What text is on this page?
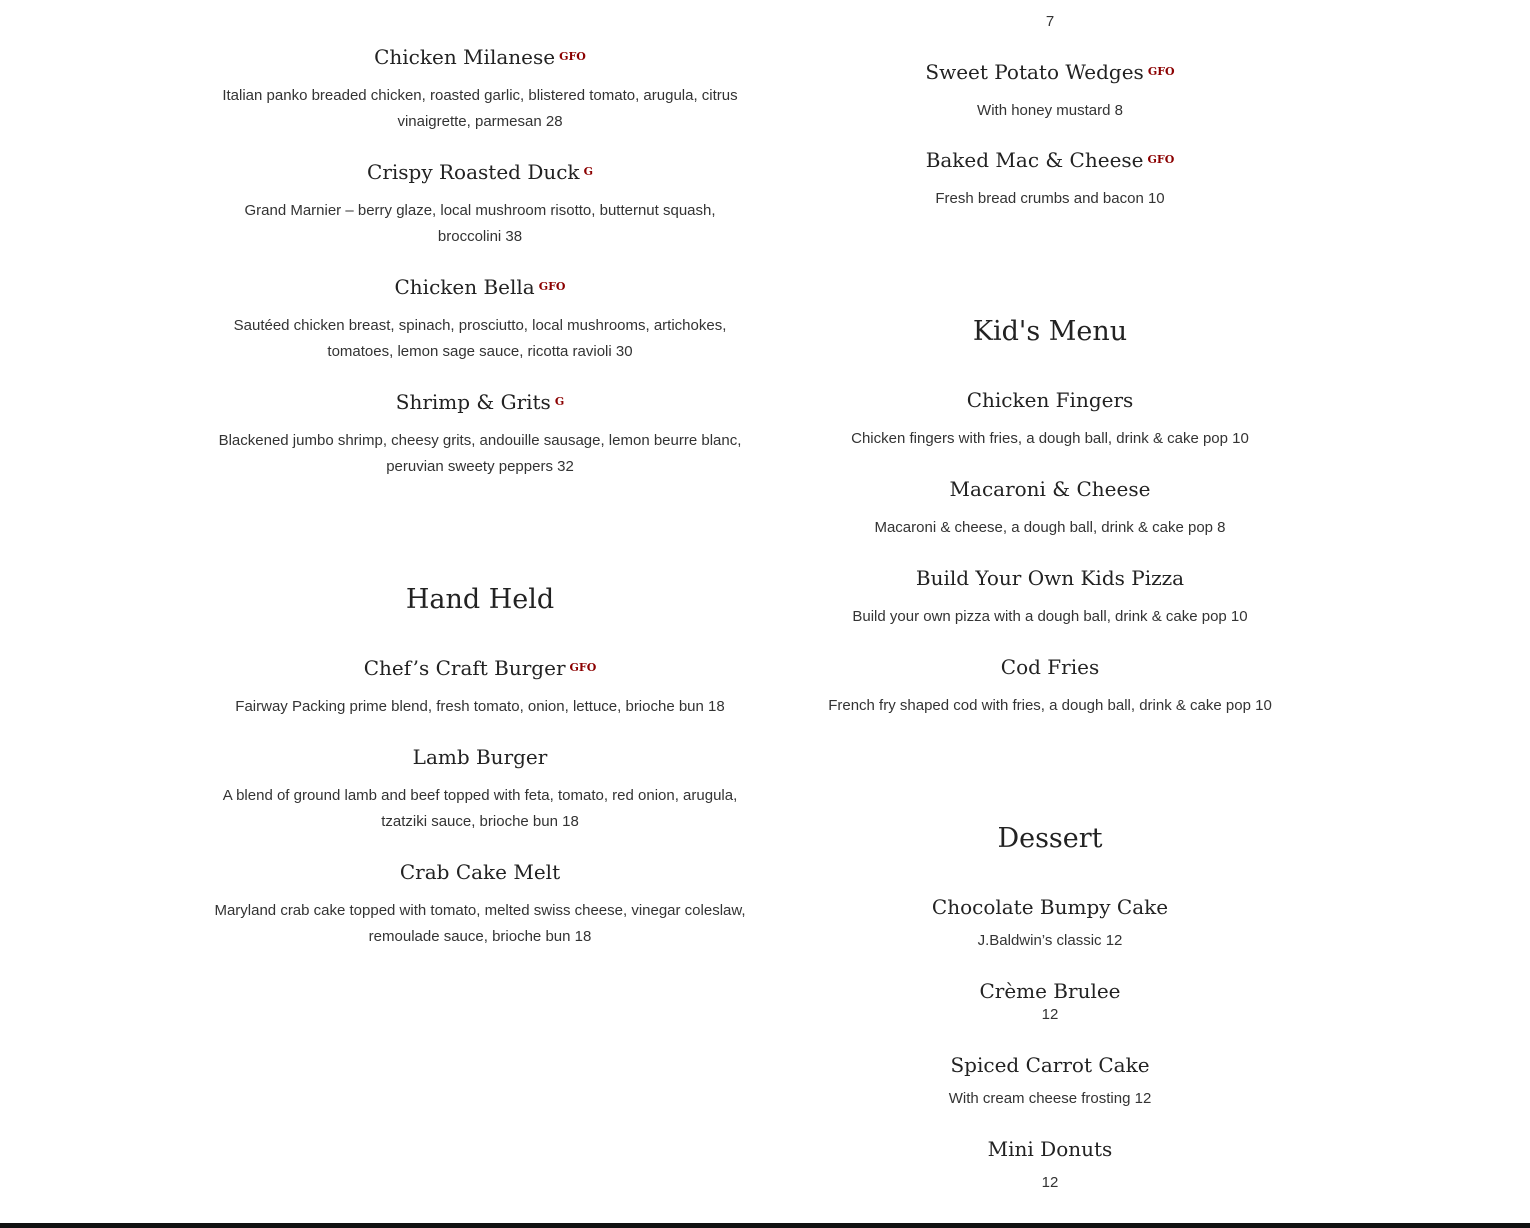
Chicken Milanese GFO

Italian panko breaded chicken, roasted garlic, blistered tomato, arugula, citrus vinaigrette, parmesan 28

Crispy Roasted Duck G

Grand Marnier – berry glaze, local mushroom risotto, butternut squash, broccolini 38

Chicken Bella GFO

Sautéed chicken breast, spinach, prosciutto, local mushrooms, artichokes, tomatoes, lemon sage sauce, ricotta ravioli 30

Shrimp & Grits G

Blackened jumbo shrimp, cheesy grits, andouille sausage, lemon beurre blanc, peruvian sweety peppers 32

Hand Held
Chef’s Craft Burger GFO

Fairway Packing prime blend, fresh tomato, onion, lettuce, brioche bun 18

Lamb Burger

A blend of ground lamb and beef topped with feta, tomato, red onion, arugula, tzatziki sauce, brioche bun 18

Crab Cake Melt

Maryland crab cake topped with tomato, melted swiss cheese, vinegar coleslaw, remoulade sauce, brioche bun 18

7

Sweet Potato Wedges GFO

With honey mustard 8

Baked Mac & Cheese GFO

Fresh bread crumbs and bacon 10

Kid's Menu
Chicken Fingers

Chicken fingers with fries, a dough ball, drink & cake pop 10

Macaroni & Cheese

Macaroni & cheese, a dough ball, drink & cake pop 8

Build Your Own Kids Pizza

Build your own pizza with a dough ball, drink & cake pop 10

Cod Fries

French fry shaped cod with fries, a dough ball, drink & cake pop 10

Dessert
Chocolate Bumpy Cake

J.Baldwin’s classic 12

Crème Brulee

12

Spiced Carrot Cake

With cream cheese frosting 12

Mini Donuts

12
